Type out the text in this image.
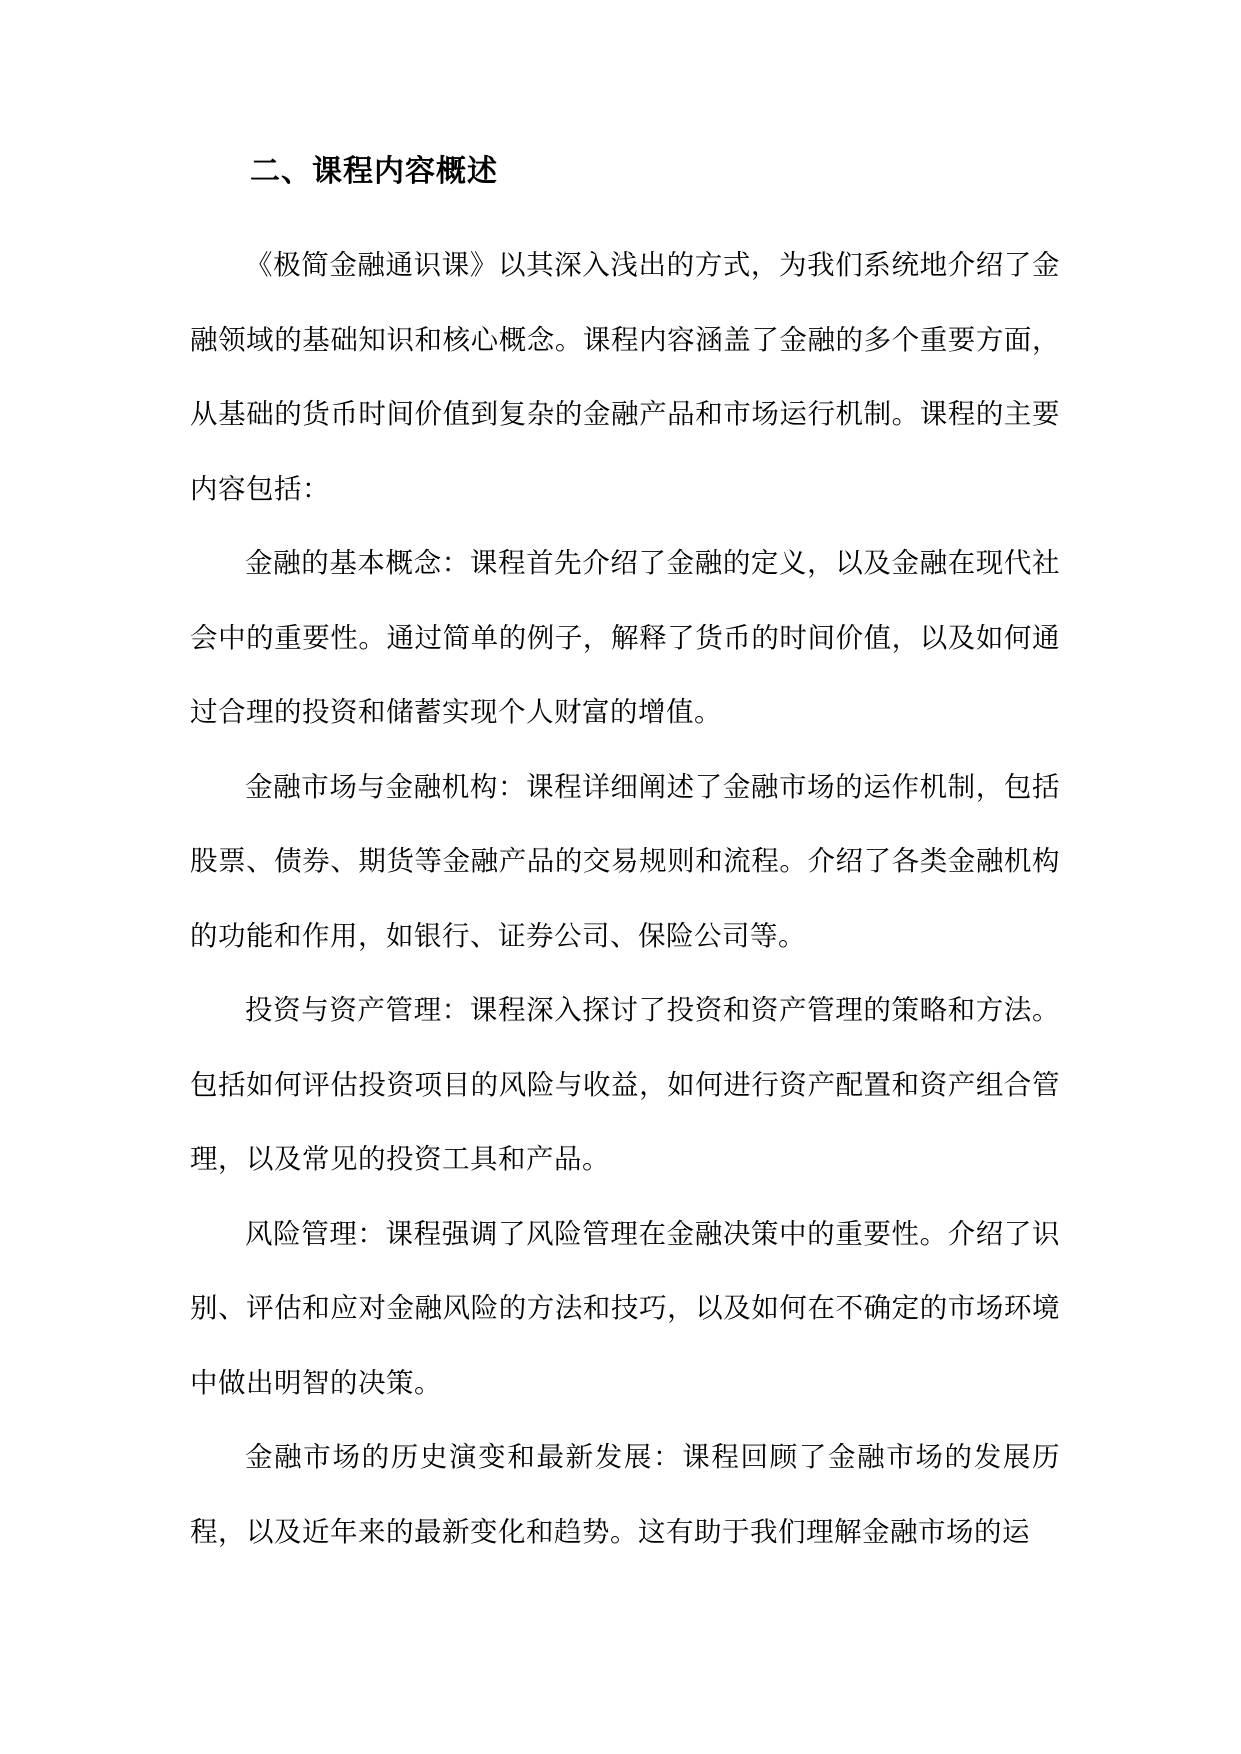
二、课程内容概述

《极简金融通识课》以其深入浅出的方式，为我们系统地介绍了金融领域的基础知识和核心概念。课程内容涵盖了金融的多个重要方面，从基础的货币时间价值到复杂的金融产品和市场运行机制。课程的主要内容包括：

金融的基本概念：课程首先介绍了金融的定义，以及金融在现代社会中的重要性。通过简单的例子，解释了货币的时间价值，以及如何通过合理的投资和储蓄实现个人财富的增值。

金融市场与金融机构：课程详细阐述了金融市场的运作机制，包括股票、债券、期货等金融产品的交易规则和流程。介绍了各类金融机构的功能和作用，如银行、证券公司、保险公司等。

投资与资产管理：课程深入探讨了投资和资产管理的策略和方法。包括如何评估投资项目的风险与收益，如何进行资产配置和资产组合管理，以及常见的投资工具和产品。

风险管理：课程强调了风险管理在金融决策中的重要性。介绍了识别、评估和应对金融风险的方法和技巧，以及如何在不确定的市场环境中做出明智的决策。

金融市场的历史演变和最新发展：课程回顾了金融市场的发展历程，以及近年来的最新变化和趋势。这有助于我们理解金融市场的运
